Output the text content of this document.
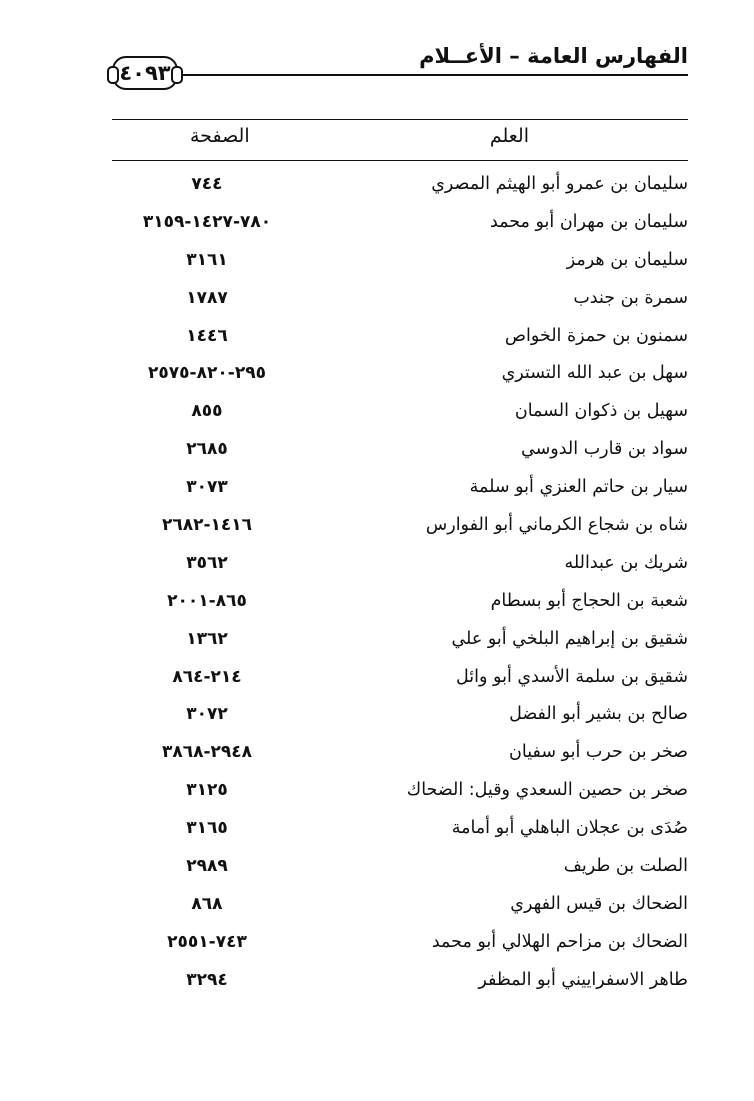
الفهارس العامة – الأعــلام
٤٠٩٣
العلم
الصفحة
سليمان بن عمرو أبو الهيثم المصري
٧٤٤
سليمان بن مهران أبو محمد
٧٨٠-١٤٢٧-٣١٥٩
سليمان بن هرمز
٣١٦١
سمرة بن جندب
١٧٨٧
سمنون بن حمزة الخواص
١٤٤٦
سهل بن عبد الله التستري
٢٩٥-٨٢٠-٢٥٧٥
سهيل بن ذكوان السمان
٨٥٥
سواد بن قارب الدوسي
٢٦٨٥
سيار بن حاتم العنزي أبو سلمة
٣٠٧٣
شاه بن شجاع الكرماني أبو الفوارس
١٤١٦-٢٦٨٢
شريك بن عبدالله
٣٥٦٢
شعبة بن الحجاج أبو بسطام
٨٦٥-٢٠٠١
شقيق بن إبراهيم البلخي أبو علي
١٣٦٢
شقيق بن سلمة الأسدي أبو وائل
٢١٤-٨٦٤
صالح بن بشير أبو الفضل
٣٠٧٢
صخر بن حرب أبو سفيان
٢٩٤٨-٣٨٦٨
صخر بن حصين السعدي وقيل: الضحاك
٣١٢٥
صُدَى بن عجلان الباهلي أبو أمامة
٣١٦٥
الصلت بن طريف
٢٩٨٩
الضحاك بن قيس الفهري
٨٦٨
الضحاك بن مزاحم الهلالي أبو محمد
٧٤٣-٢٥٥١
طاهر الاسفراييني أبو المظفر
٣٢٩٤
